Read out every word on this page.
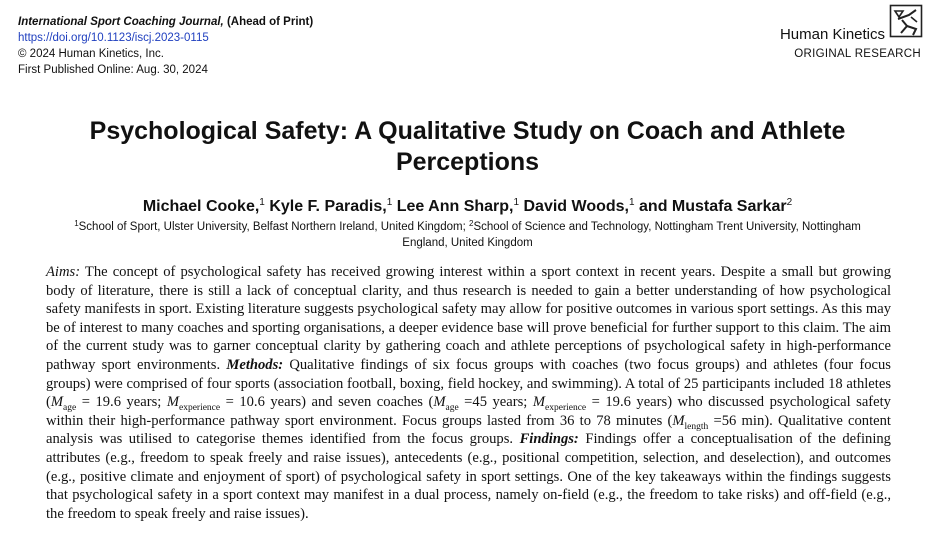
International Sport Coaching Journal, (Ahead of Print)
https://doi.org/10.1123/iscj.2023-0115
© 2024 Human Kinetics, Inc.
First Published Online: Aug. 30, 2024
Human Kinetics
ORIGINAL RESEARCH
Psychological Safety: A Qualitative Study on Coach and Athlete Perceptions
Michael Cooke,$^1$ Kyle F. Paradis,$^1$ Lee Ann Sharp,$^1$ David Woods,$^1$ and Mustafa Sarkar$^2$
$^1$School of Sport, Ulster University, Belfast Northern Ireland, United Kingdom; $^2$School of Science and Technology, Nottingham Trent University, Nottingham England, United Kingdom

Aims: The concept of psychological safety has received growing interest within a sport context in recent years. Despite a small but growing body of literature, there is still a lack of conceptual clarity, and thus research is needed to gain a better understanding of how psychological safety manifests in sport. Existing literature suggests psychological safety may allow for positive outcomes in various sport settings. As this may be of interest to many coaches and sporting organisations, a deeper evidence base will prove beneficial for further support to this claim. The aim of the current study was to garner conceptual clarity by gathering coach and athlete perceptions of psychological safety in high-performance pathway sport environments. Methods: Qualitative findings of six focus groups with coaches (two focus groups) and athletes (four focus groups) were comprised of four sports (association football, boxing, field hockey, and swimming). A total of 25 participants included 18 athletes ($M_{age} = 19.6$ years; $M_{experience} = 10.6$ years) and seven coaches ($M_{age} =45$ years; $M_{experience} = 19.6$ years) who discussed psychological safety within their high-performance pathway sport environment. Focus groups lasted from 36 to 78 minutes ($M_{length} =56$ min). Qualitative content analysis was utilised to categorise themes identified from the focus groups. Findings: Findings offer a conceptualisation of the defining attributes (e.g., freedom to speak freely and raise issues), antecedents (e.g., positional competition, selection, and deselection), and outcomes (e.g., positive climate and enjoyment of sport) of psychological safety in sport settings. One of the key takeaways within the findings suggests that psychological safety in a sport context may manifest in a dual process, namely on-field (e.g., the freedom to take risks) and off-field (e.g., the freedom to speak freely and raise issues).
